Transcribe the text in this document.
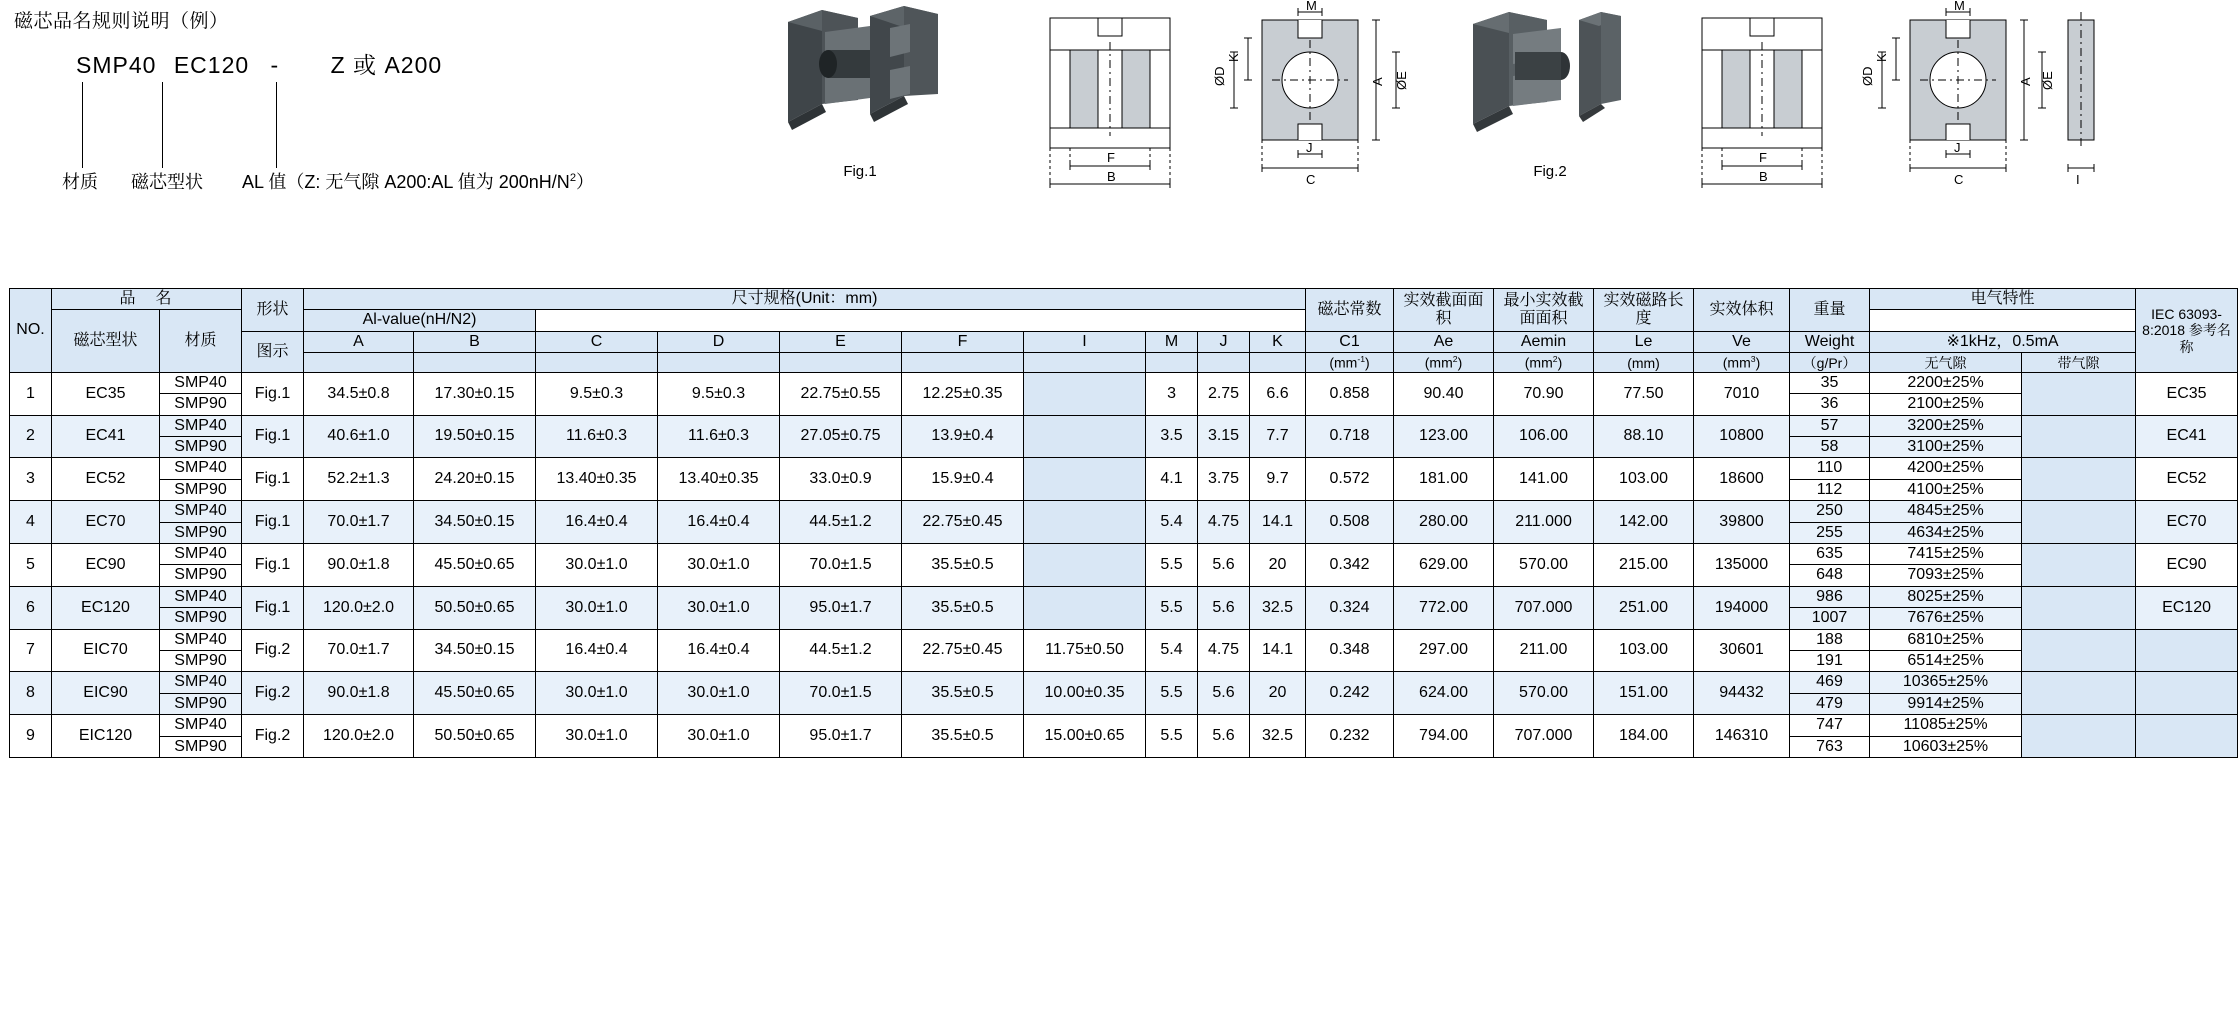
磁芯品名规则说明（例）
SMP40 EC120 - Z 或 A200
材质 磁芯型状 AL 值（Z: 无气隙 A200:AL 值为 $200nH/N^2$）
Fig.1
F
B
M
K
ØD	A ØE
J
C	Fig.2
F
B
M
K
ØD	A ØE
J
C	I
NO.	品　名		形状	尺寸规格(Unit：mm)										磁芯常数	实效截面面积	最小实效截面面积	实效磁路长度	实效体积	重量	电气特性		IEC 63093-8:2018 参考名称
	磁芯型状	材质		Al-value(nH/N2)																		
			图示	A	B	C	D	E	F	I	M	J	K	C1	Ae	Aemin	Le	Ve	Weight	※1kHz，0.5mA		
														$(mm^{-1})$	$(mm^2)$	$(mm^2)$	(mm)	$(mm^3)$	（g/Pr）	无气隙	带气隙	
1	EC35	SMP40	Fig.1	34.5±0.8	17.30±0.15	9.5±0.3	9.5±0.3	22.75±0.55	12.25±0.35		3	2.75	6.6	0.858	90.40	70.90	77.50	7010	35	2200±25%		EC35
		SMP90																	36	2100±25%		
2	EC41	SMP40	Fig.1	40.6±1.0	19.50±0.15	11.6±0.3	11.6±0.3	27.05±0.75	13.9±0.4		3.5	3.15	7.7	0.718	123.00	106.00	88.10	10800	57	3200±25%		EC41
		SMP90																	58	3100±25%		
3	EC52	SMP40	Fig.1	52.2±1.3	24.20±0.15	13.40±0.35	13.40±0.35	33.0±0.9	15.9±0.4		4.1	3.75	9.7	0.572	181.00	141.00	103.00	18600	110	4200±25%		EC52
		SMP90																	112	4100±25%		
4	EC70	SMP40	Fig.1	70.0±1.7	34.50±0.15	16.4±0.4	16.4±0.4	44.5±1.2	22.75±0.45		5.4	4.75	14.1	0.508	280.00	211.000	142.00	39800	250	4845±25%		EC70
		SMP90																	255	4634±25%		
5	EC90	SMP40	Fig.1	90.0±1.8	45.50±0.65	30.0±1.0	30.0±1.0	70.0±1.5	35.5±0.5		5.5	5.6	20	0.342	629.00	570.00	215.00	135000	635	7415±25%		EC90
		SMP90																	648	7093±25%		
6	EC120	SMP40	Fig.1	120.0±2.0	50.50±0.65	30.0±1.0	30.0±1.0	95.0±1.7	35.5±0.5		5.5	5.6	32.5	0.324	772.00	707.000	251.00	194000	986	8025±25%		EC120
		SMP90																	1007	7676±25%		
7	EIC70	SMP40	Fig.2	70.0±1.7	34.50±0.15	16.4±0.4	16.4±0.4	44.5±1.2	22.75±0.45	11.75±0.50	5.4	4.75	14.1	0.348	297.00	211.00	103.00	30601	188	6810±25%		
		SMP90																	191	6514±25%		
8	EIC90	SMP40	Fig.2	90.0±1.8	45.50±0.65	30.0±1.0	30.0±1.0	70.0±1.5	35.5±0.5	10.00±0.35	5.5	5.6	20	0.242	624.00	570.00	151.00	94432	469	10365±25%		
		SMP90																	479	9914±25%		
9	EIC120	SMP40	Fig.2	120.0±2.0	50.50±0.65	30.0±1.0	30.0±1.0	95.0±1.7	35.5±0.5	15.00±0.65	5.5	5.6	32.5	0.232	794.00	707.000	184.00	146310	747	11085±25%		
		SMP90																	763	10603±25%		
